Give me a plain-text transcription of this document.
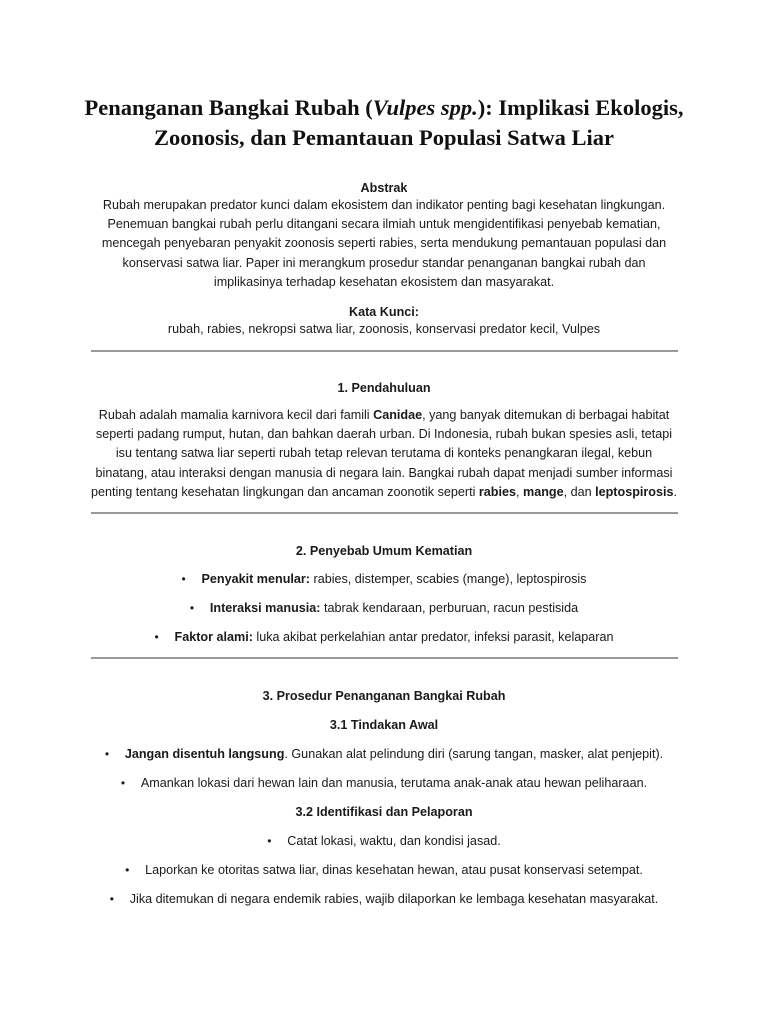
Penanganan Bangkai Rubah (Vulpes spp.): Implikasi Ekologis, Zoonosis, dan Pemantauan Populasi Satwa Liar
Abstrak
Rubah merupakan predator kunci dalam ekosistem dan indikator penting bagi kesehatan lingkungan.
Penemuan bangkai rubah perlu ditangani secara ilmiah untuk mengidentifikasi penyebab kematian,
mencegah penyebaran penyakit zoonosis seperti rabies, serta mendukung pemantauan populasi dan
konservasi satwa liar. Paper ini merangkum prosedur standar penanganan bangkai rubah dan
implikasinya terhadap kesehatan ekosistem dan masyarakat.
Kata Kunci:
rubah, rabies, nekropsi satwa liar, zoonosis, konservasi predator kecil, Vulpes
1. Pendahuluan
Rubah adalah mamalia karnivora kecil dari famili Canidae, yang banyak ditemukan di berbagai habitat
seperti padang rumput, hutan, dan bahkan daerah urban. Di Indonesia, rubah bukan spesies asli, tetapi
isu tentang satwa liar seperti rubah tetap relevan terutama di konteks penangkaran ilegal, kebun
binatang, atau interaksi dengan manusia di negara lain. Bangkai rubah dapat menjadi sumber informasi
penting tentang kesehatan lingkungan dan ancaman zoonotik seperti rabies, mange, dan leptospirosis.
2. Penyebab Umum Kematian
• Penyakit menular: rabies, distemper, scabies (mange), leptospirosis
• Interaksi manusia: tabrak kendaraan, perburuan, racun pestisida
• Faktor alami: luka akibat perkelahian antar predator, infeksi parasit, kelaparan
3. Prosedur Penanganan Bangkai Rubah
3.1 Tindakan Awal
• Jangan disentuh langsung. Gunakan alat pelindung diri (sarung tangan, masker, alat penjepit).
• Amankan lokasi dari hewan lain dan manusia, terutama anak-anak atau hewan peliharaan.
3.2 Identifikasi dan Pelaporan
• Catat lokasi, waktu, dan kondisi jasad.
• Laporkan ke otoritas satwa liar, dinas kesehatan hewan, atau pusat konservasi setempat.
• Jika ditemukan di negara endemik rabies, wajib dilaporkan ke lembaga kesehatan masyarakat.
